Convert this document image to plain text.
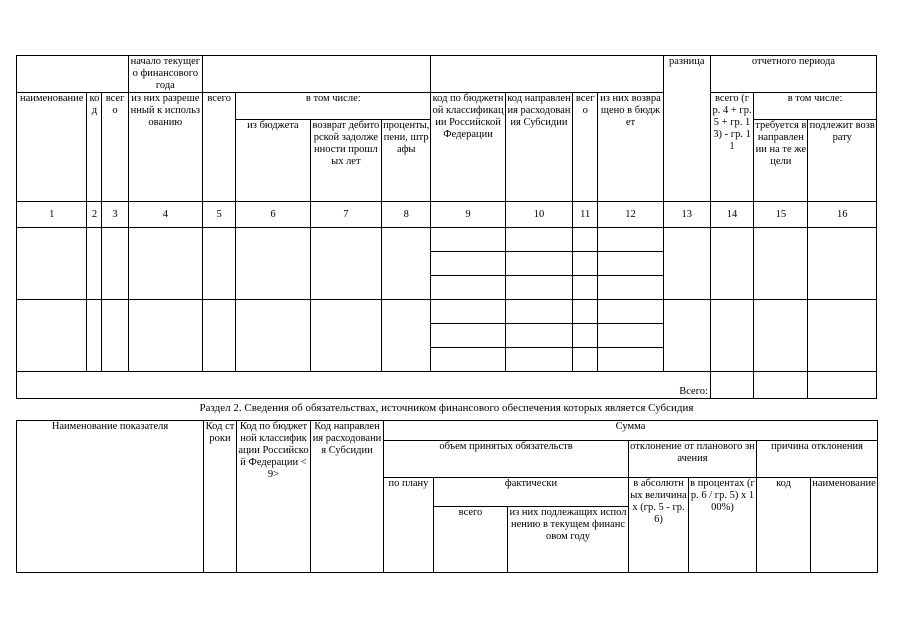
			начало текущего финансового года									разница	отчетного периода		
наименование	код	всего	из них разрешенный к использованию	всего	в том числе:			код по бюджетной классификации Российской Федерации	код направления расходования Субсидии	всего	из них возвращено в бюджет		всего (гр. 4 + гр. 5 + гр. 13) - гр. 11	в том числе:	
					из бюджета	возврат дебиторской задолженности прошлых лет	проценты, пени, штрафы							требуется в направлении на те же цели	подлежит возврату
1	2	3	4	5	6	7	8	9	10	11	12	13	14	15	16

Всего:															
Раздел 2. Сведения об обязательствах, источником финансового обеспечения которых является Субсидия
Наименование показателя	Код строки	Код по бюджетной классификации Российской Федерации <9>	Код направления расходования Субсидии	Сумма						
				объем принятых обязательств			отклонение от планового значения		причина отклонения	
				по плану	фактически		в абсолютных величинах (гр. 5 - гр. 6)	в процентах (гр. 6 / гр. 5) x 100%)	код	наименование
					всего	из них подлежащих исполнению в текущем финансовом году				
